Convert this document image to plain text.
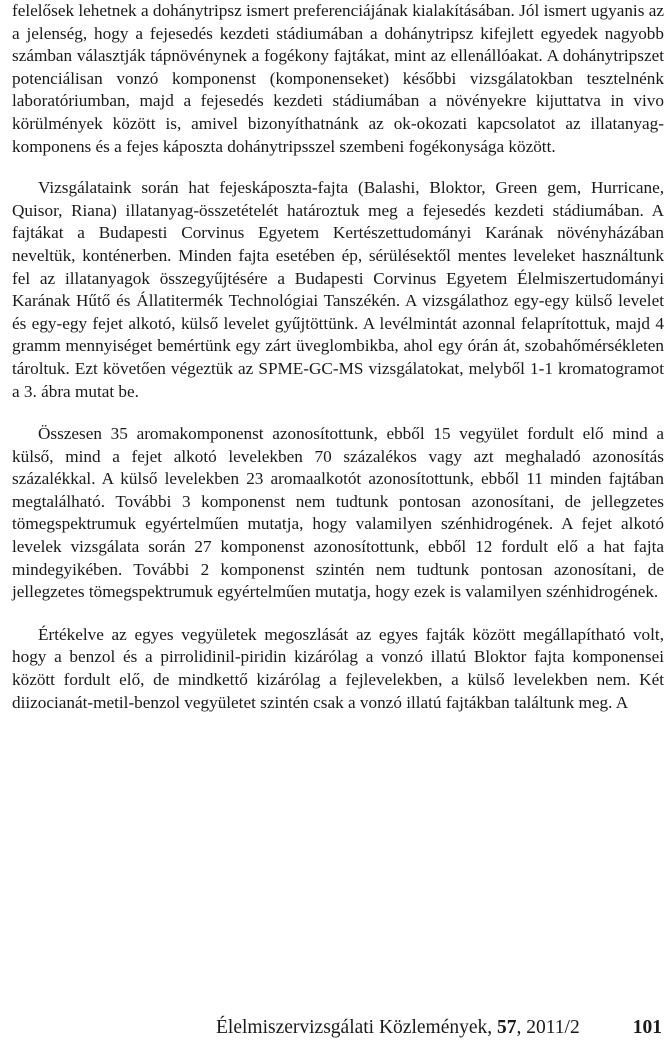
felelősek lehetnek a dohánytripsz ismert preferenciájának kialakításában. Jól ismert ugyanis az a jelenség, hogy a fejesedés kezdeti stádiumában a dohánytripsz kifejlett egyedek nagyobb számban választják tápnövénynek a fogékony fajtákat, mint az ellenállóakat. A dohánytripszet potenciálisan vonzó komponenst (komponenseket) későbbi vizsgálatokban tesztelnénk laboratóriumban, majd a fejesedés kezdeti stádiumában a növényekre kijuttatva in vivo körülmények között is, amivel bizonyíthatnánk az ok-okozati kapcsolatot az illatanyag-komponens és a fejes káposzta dohánytripsszel szembeni fogékonysága között.

Vizsgálataink során hat fejeskáposzta-fajta (Balashi, Bloktor, Green gem, Hurricane, Quisor, Riana) illatanyag-összetételét határoztuk meg a fejesedés kezdeti stádiumában. A fajtákat a Budapesti Corvinus Egyetem Kertészettudományi Karának növényházában neveltük, konténerben. Minden fajta esetében ép, sérülésektől mentes leveleket használtunk fel az illatanyagok összegyűjtésére a Budapesti Corvinus Egyetem Élelmiszertudományi Karának Hűtő és Állatitermék Technológiai Tanszékén. A vizsgálathoz egy-egy külső levelet és egy-egy fejet alkotó, külső levelet gyűjtöttünk. A levélmintát azonnal felaprítottuk, majd 4 gramm mennyiséget bemértünk egy zárt üveglombikba, ahol egy órán át, szobahőmérsékleten tároltuk. Ezt követően végeztük az SPME-GC-MS vizsgálatokat, melyből 1-1 kromatogramot a 3. ábra mutat be.

Összesen 35 aromakomponenst azonosítottunk, ebből 15 vegyület fordult elő mind a külső, mind a fejet alkotó levelekben 70 százalékos vagy azt meghaladó azonosítás százalékkal. A külső levelekben 23 aromaalkotót azonosítottunk, ebből 11 minden fajtában megtalálható. További 3 komponenst nem tudtunk pontosan azonosítani, de jellegzetes tömegspektrumuk egyértelműen mutatja, hogy valamilyen szénhidrogének. A fejet alkotó levelek vizsgálata során 27 komponenst azonosítottunk, ebből 12 fordult elő a hat fajta mindegyikében. További 2 komponenst szintén nem tudtunk pontosan azonosítani, de jellegzetes tömegspektrumuk egyértelműen mutatja, hogy ezek is valamilyen szénhidrogének.

Értékelve az egyes vegyületek megoszlását az egyes fajták között megállapítható volt, hogy a benzol és a pirrolidinil-piridin kizárólag a vonzó illatú Bloktor fajta komponensei között fordult elő, de mindkettő kizárólag a fejlevelekben, a külső levelekben nem. Két diizocianát-metil-benzol vegyületet szintén csak a vonzó illatú fajtákban találtunk meg. A

Élelmiszervizsgálati Közlemények, 57, 2011/2	101
